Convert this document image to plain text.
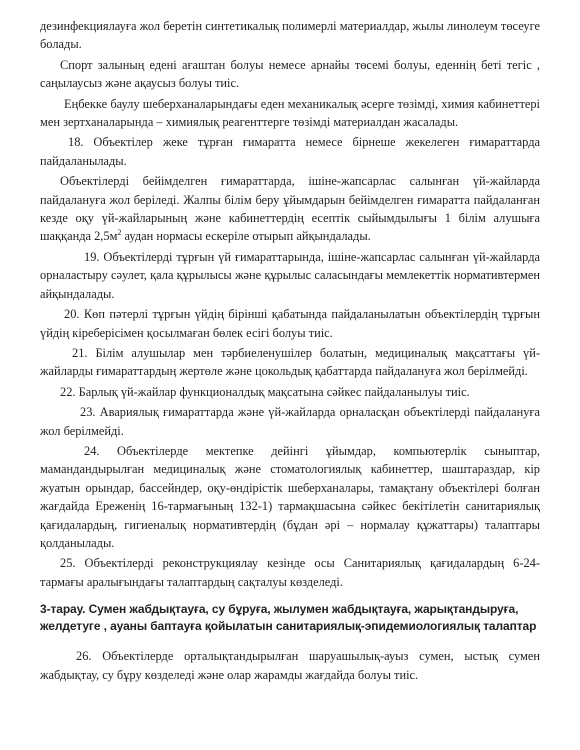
дезинфекциялауға жол беретін синтетикалық полимерлі материалдар, жылы линолеум төсеуге болады.

Спорт залының едені ағаштан болуы немесе арнайы төсемі болуы, еденнің беті тегіс , саңылаусыз және ақаусыз болуы тиіс.

Еңбекке баулу шеберханаларындағы еден механикалық әсерге төзімді, химия кабинеттері мен зертханаларында – химиялық реагенттерге төзімді материалдан жасалады.

18. Объектілер жеке тұрған ғимаратта немесе бірнеше жекелеген ғимараттарда пайдаланылады.

Объектілерді бейімделген ғимараттарда, ішіне-жапсарлас салынған үй-жайларда пайдалануға жол беріледі. Жалпы білім беру ұйымдарын бейімделген ғимаратта пайдаланған кезде оқу үй-жайларының және кабинеттердің есептік сыйымдылығы 1 білім алушыға шаққанда $2,5м^2$ аудан нормасы ескеріле отырып айқындалады.

19. Объектілерді тұрғын үй ғимараттарында, ішіне-жапсарлас салынған үй-жайларда орналастыру сәулет, қала құрылысы және құрылыс саласындағы мемлекеттік нормативтермен айқындалады.

20. Көп пәтерлі тұрғын үйдің бірінші қабатында пайдаланылатын объектілердің тұрғын үйдің кіреберісімен қосылмаған бөлек есігі болуы тиіс.

21. Білім алушылар мен тәрбиеленушілер болатын, медициналық мақсаттағы үй-жайларды ғимараттардың жертөле және цокольдық қабаттарда пайдалануға жол берілмейді.

22. Барлық үй-жайлар функционалдық мақсатына сәйкес пайдаланылуы тиіс.

23. Авариялық ғимараттарда және үй-жайларда орналасқан объектілерді пайдалануға жол берілмейді.

24. Объектілерде мектепке дейінгі ұйымдар, компьютерлік сыныптар, мамандандырылған медициналық және стоматологиялық кабинеттер, шаштараздар, кір жуатын орындар, бассейндер, оқу-өндірістік шеберханалары, тамақтану объектілері болған жағдайда Ереженің 16-тармағының 132-1) тармақшасына сәйкес бекітілетін санитариялық қағидалардың, гигиеналық нормативтердің (бұдан әрі – нормалау құжаттары) талаптары қолданылады.

25. Объектілерді реконструкциялау кезінде осы Санитариялық қағидалардың 6-24-тармағы аралығындағы талаптардың сақталуы көзделеді.

3-тарау. Сумен жабдықтауға, су бұруға, жылумен жабдықтауға, жарықтандыруға, желдетуге , ауаны баптауға қойылатын санитариялық-эпидемиологиялық талаптар

26. Объектілерде орталықтандырылған шаруашылық-ауыз сумен, ыстық сумен жабдықтау, су бұру көзделеді және олар жарамды жағдайда болуы тиіс.
